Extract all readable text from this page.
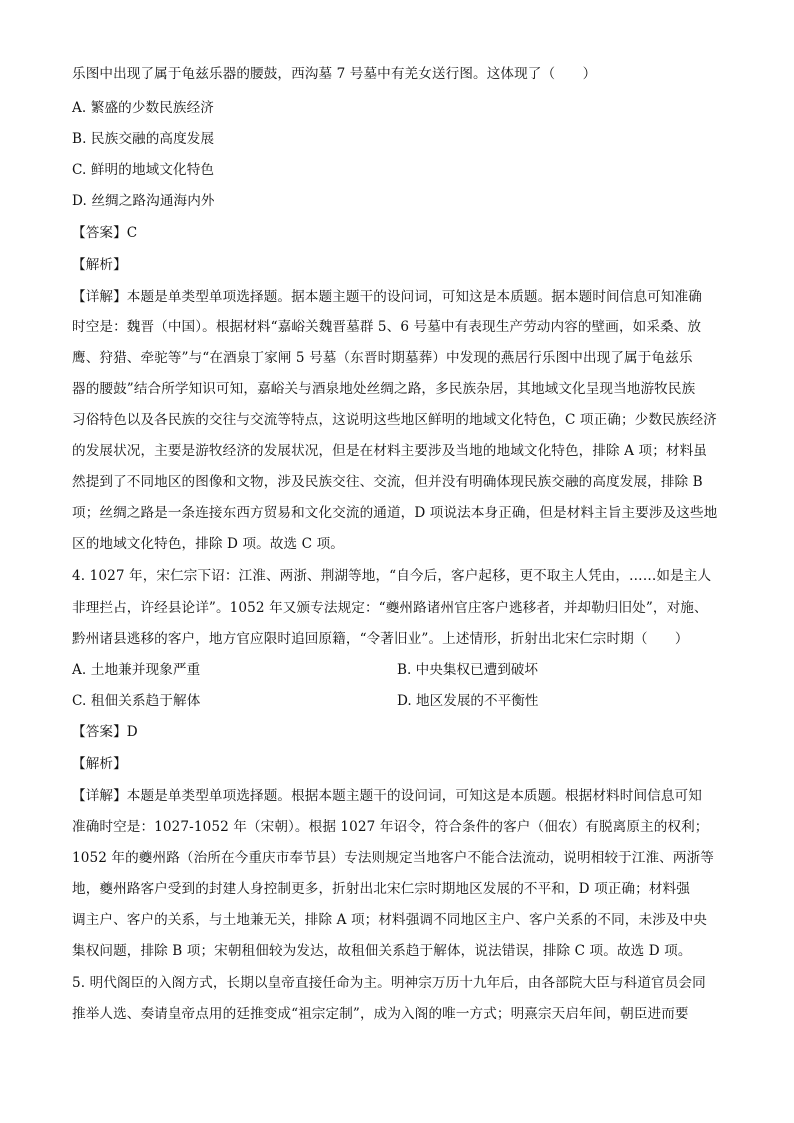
乐图中出现了属于龟兹乐器的腰鼓，西沟墓 7 号墓中有羌女送行图。这体现了（　　）
A. 繁盛的少数民族经济
B. 民族交融的高度发展
C. 鲜明的地域文化特色
D. 丝绸之路沟通海内外
【答案】C
【解析】
【详解】本题是单类型单项选择题。据本题主题干的设问词，可知这是本质题。据本题时间信息可知准确
时空是：魏晋（中国）。根据材料“嘉峪关魏晋墓群 5、6 号墓中有表现生产劳动内容的壁画，如采桑、放
鹰、狩猎、牵驼等”与“在酒泉丁家闸 5 号墓（东晋时期墓葬）中发现的燕居行乐图中出现了属于龟兹乐
器的腰鼓”结合所学知识可知，嘉峪关与酒泉地处丝绸之路，多民族杂居，其地域文化呈现当地游牧民族
习俗特色以及各民族的交往与交流等特点，这说明这些地区鲜明的地域文化特色，C 项正确；少数民族经济
的发展状况，主要是游牧经济的发展状况，但是在材料主要涉及当地的地域文化特色，排除 A 项；材料虽
然提到了不同地区的图像和文物，涉及民族交往、交流，但并没有明确体现民族交融的高度发展，排除 B
项；丝绸之路是一条连接东西方贸易和文化交流的通道，D 项说法本身正确，但是材料主旨主要涉及这些地
区的地域文化特色，排除 D 项。故选 C 项。
4. 1027 年，宋仁宗下诏：江淮、两浙、荆湖等地，“自今后，客户起移，更不取主人凭由，……如是主人
非理拦占，许经县论详”。1052 年又颁专法规定：“夔州路诸州官庄客户逃移者，并却勒归旧处”，对施、
黔州诸县逃移的客户，地方官应限时追回原籍，“令著旧业”。上述情形，折射出北宋仁宗时期（　　）
A. 土地兼并现象严重	B. 中央集权已遭到破坏
C. 租佃关系趋于解体	D. 地区发展的不平衡性
【答案】D
【解析】
【详解】本题是单类型单项选择题。根据本题主题干的设问词，可知这是本质题。根据材料时间信息可知
准确时空是：1027-1052 年（宋朝）。根据 1027 年诏令，符合条件的客户（佃农）有脱离原主的权利；
1052 年的夔州路（治所在今重庆市奉节县）专法则规定当地客户不能合法流动，说明相较于江淮、两浙等
地，夔州路客户受到的封建人身控制更多，折射出北宋仁宗时期地区发展的不平和，D 项正确；材料强
调主户、客户的关系，与土地兼无关，排除 A 项；材料强调不同地区主户、客户关系的不同，未涉及中央
集权问题，排除 B 项；宋朝租佃较为发达，故租佃关系趋于解体，说法错误，排除 C 项。故选 D 项。
5. 明代阁臣的入阁方式，长期以皇帝直接任命为主。明神宗万历十九年后，由各部院大臣与科道官员会同
推举人选、奏请皇帝点用的廷推变成“祖宗定制”，成为入阁的唯一方式；明熹宗天启年间，朝臣进而要
